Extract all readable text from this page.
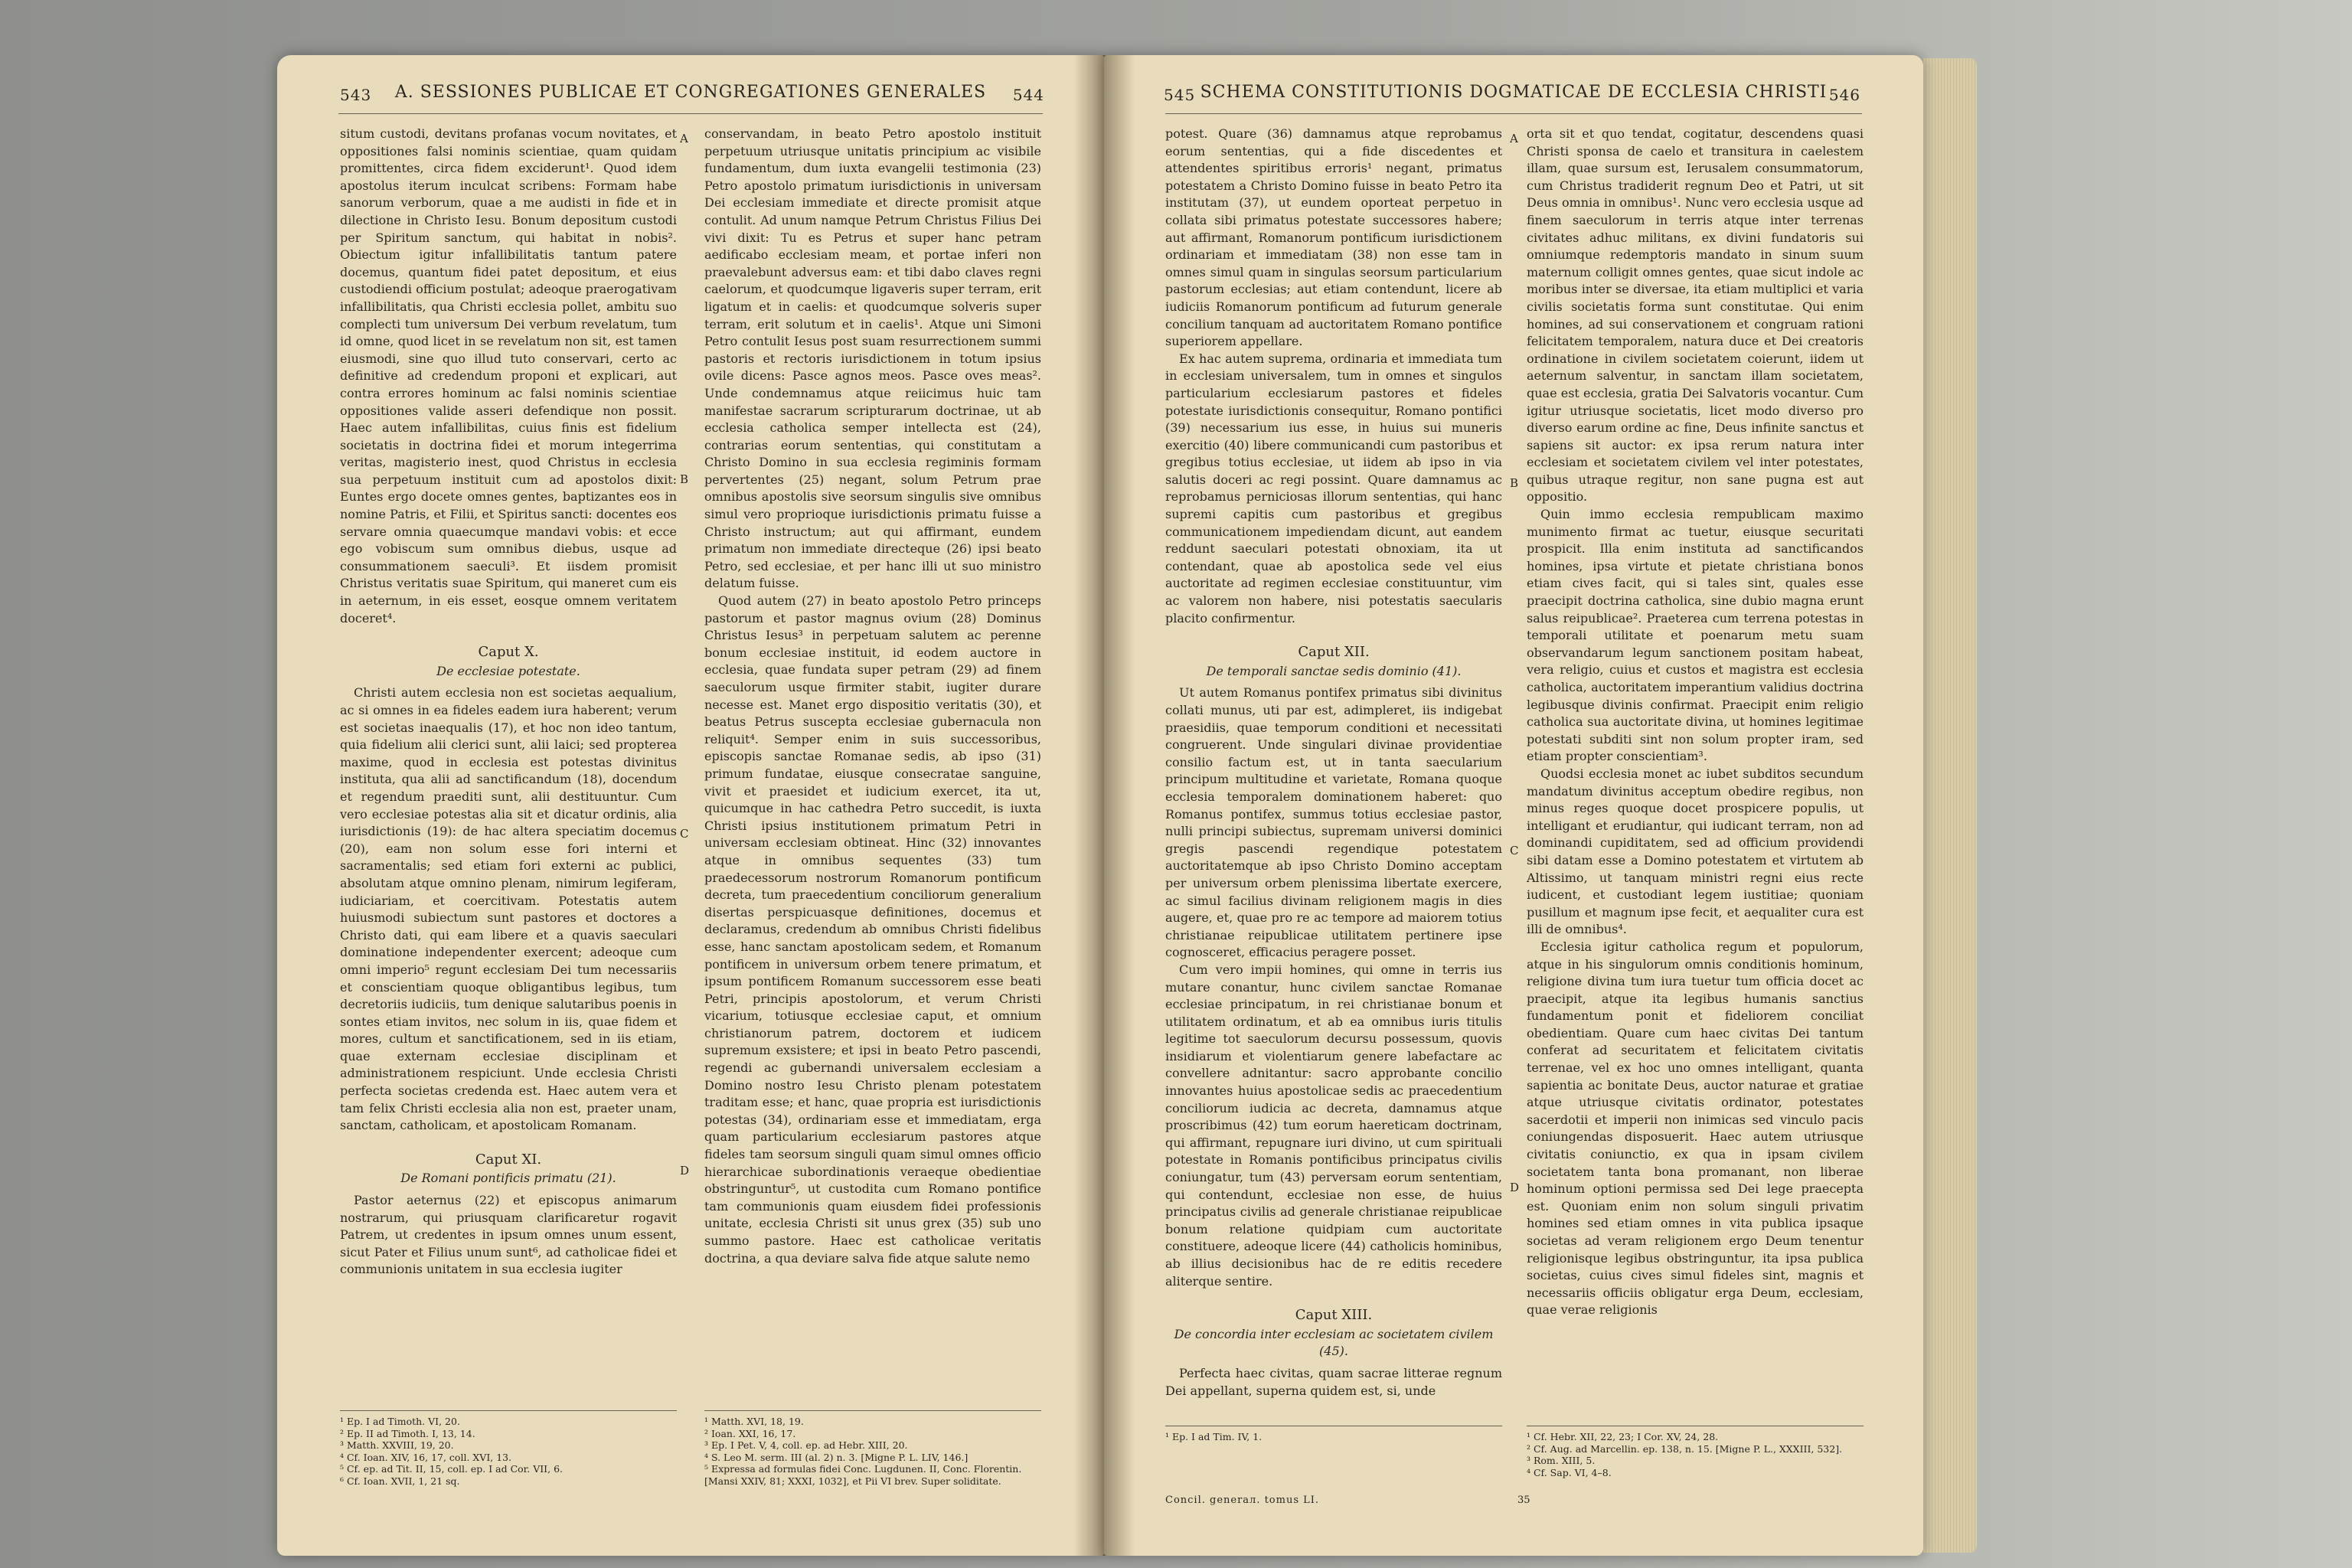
543	A. SESSIONES PUBLICAE ET CONGREGATIONES GENERALES	544

situm custodi, devitans profanas vocum novitates, et oppositiones falsi nominis scientiae, quam quidam promittentes, circa fidem exciderunt¹. Quod idem apostolus iterum inculcat scribens: Formam habe sanorum verborum, quae a me audisti in fide et in dilectione in Christo Iesu. Bonum depositum custodi per Spiritum sanctum, qui habitat in nobis². Obiectum igitur infallibilitatis tantum patere docemus, quantum fidei patet depositum, et eius custodiendi officium postulat; adeoque praerogativam infallibilitatis, qua Christi ecclesia pollet, ambitu suo complecti tum universum Dei verbum revelatum, tum id omne, quod licet in se revelatum non sit, est tamen eiusmodi, sine quo illud tuto conservari, certo ac definitive ad credendum proponi et explicari, aut contra errores hominum ac falsi nominis scientiae oppositiones valide asseri defendique non possit. Haec autem infallibilitas, cuius finis est fidelium societatis in doctrina fidei et morum integerrima veritas, magisterio inest, quod Christus in ecclesia sua perpetuum instituit cum ad apostolos dixit: Euntes ergo docete omnes gentes, baptizantes eos in nomine Patris, et Filii, et Spiritus sancti: docentes eos servare omnia quaecumque mandavi vobis: et ecce ego vobiscum sum omnibus diebus, usque ad consummationem saeculi³. Et iisdem promisit Christus veritatis suae Spiritum, qui maneret cum eis in aeternum, in eis esset, eosque omnem veritatem doceret⁴.

Caput X.
De ecclesiae potestate.

Christi autem ecclesia non est societas aequalium, ac si omnes in ea fideles eadem iura haberent; verum est societas inaequalis (17), et hoc non ideo tantum, quia fidelium alii clerici sunt, alii laici; sed propterea maxime, quod in ecclesia est potestas divinitus instituta, qua alii ad sanctificandum (18), docendum et regendum praediti sunt, alii destituuntur. Cum vero ecclesiae potestas alia sit et dicatur ordinis, alia iurisdictionis (19): de hac altera speciatim docemus (20), eam non solum esse fori interni et sacramentalis; sed etiam fori externi ac publici, absolutam atque omnino plenam, nimirum legiferam, iudiciariam, et coercitivam. Potestatis autem huiusmodi subiectum sunt pastores et doctores a Christo dati, qui eam libere et a quavis saeculari dominatione independenter exercent; adeoque cum omni imperio⁵ regunt ecclesiam Dei tum necessariis et conscientiam quoque obligantibus legibus, tum decretoriis iudiciis, tum denique salutaribus poenis in sontes etiam invitos, nec solum in iis, quae fidem et mores, cultum et sanctificationem, sed in iis etiam, quae externam ecclesiae disciplinam et administrationem respiciunt. Unde ecclesia Christi perfecta societas credenda est. Haec autem vera et tam felix Christi ecclesia alia non est, praeter unam, sanctam, catholicam, et apostolicam Romanam.

Caput XI.
De Romani pontificis primatu (21).

Pastor aeternus (22) et episcopus animarum nostrarum, qui priusquam clarificaretur rogavit Patrem, ut credentes in ipsum omnes unum essent, sicut Pater et Filius unum sunt⁶, ad catholicae fidei et communionis unitatem in sua ecclesia iugiter

conservandam, in beato Petro apostolo instituit perpetuum utriusque unitatis principium ac visibile fundamentum, dum iuxta evangelii testimonia (23) Petro apostolo primatum iurisdictionis in universam Dei ecclesiam immediate et directe promisit atque contulit. Ad unum namque Petrum Christus Filius Dei vivi dixit: Tu es Petrus et super hanc petram aedificabo ecclesiam meam, et portae inferi non praevalebunt adversus eam: et tibi dabo claves regni caelorum, et quodcumque ligaveris super terram, erit ligatum et in caelis: et quodcumque solveris super terram, erit solutum et in caelis¹. Atque uni Simoni Petro contulit Iesus post suam resurrectionem summi pastoris et rectoris iurisdictionem in totum ipsius ovile dicens: Pasce agnos meos. Pasce oves meas². Unde condemnamus atque reiicimus huic tam manifestae sacrarum scripturarum doctrinae, ut ab ecclesia catholica semper intellecta est (24), contrarias eorum sententias, qui constitutam a Christo Domino in sua ecclesia regiminis formam pervertentes (25) negant, solum Petrum prae omnibus apostolis sive seorsum singulis sive omnibus simul vero proprioque iurisdictionis primatu fuisse a Christo instructum; aut qui affirmant, eundem primatum non immediate directeque (26) ipsi beato Petro, sed ecclesiae, et per hanc illi ut suo ministro delatum fuisse.

Quod autem (27) in beato apostolo Petro princeps pastorum et pastor magnus ovium (28) Dominus Christus Iesus³ in perpetuam salutem ac perenne bonum ecclesiae instituit, id eodem auctore in ecclesia, quae fundata super petram (29) ad finem saeculorum usque firmiter stabit, iugiter durare necesse est. Manet ergo dispositio veritatis (30), et beatus Petrus suscepta ecclesiae gubernacula non reliquit⁴. Semper enim in suis successoribus, episcopis sanctae Romanae sedis, ab ipso (31) primum fundatae, eiusque consecratae sanguine, vivit et praesidet et iudicium exercet, ita ut, quicumque in hac cathedra Petro succedit, is iuxta Christi ipsius institutionem primatum Petri in universam ecclesiam obtineat. Hinc (32) innovantes atque in omnibus sequentes (33) tum praedecessorum nostrorum Romanorum pontificum decreta, tum praecedentium conciliorum generalium disertas perspicuasque definitiones, docemus et declaramus, credendum ab omnibus Christi fidelibus esse, hanc sanctam apostolicam sedem, et Romanum pontificem in universum orbem tenere primatum, et ipsum pontificem Romanum successorem esse beati Petri, principis apostolorum, et verum Christi vicarium, totiusque ecclesiae caput, et omnium christianorum patrem, doctorem et iudicem supremum exsistere; et ipsi in beato Petro pascendi, regendi ac gubernandi universalem ecclesiam a Domino nostro Iesu Christo plenam potestatem traditam esse; et hanc, quae propria est iurisdictionis potestas (34), ordinariam esse et immediatam, erga quam particularium ecclesiarum pastores atque fideles tam seorsum singuli quam simul omnes officio hierarchicae subordinationis veraeque obedientiae obstringuntur⁵, ut custodita cum Romano pontifice tam communionis quam eiusdem fidei professionis unitate, ecclesia Christi sit unus grex (35) sub uno summo pastore. Haec est catholicae veritatis doctrina, a qua deviare salva fide atque salute nemo

A
B
C
D
¹ Ep. I ad Timoth. VI, 20.
² Ep. II ad Timoth. I, 13, 14.
³ Matth. XXVIII, 19, 20.
⁴ Cf. Ioan. XIV, 16, 17, coll. XVI, 13.
⁵ Cf. ep. ad Tit. II, 15, coll. ep. I ad Cor. VII, 6.
⁶ Cf. Ioan. XVII, 1, 21 sq.
¹ Matth. XVI, 18, 19.
² Ioan. XXI, 16, 17.
³ Ep. I Pet. V, 4, coll. ep. ad Hebr. XIII, 20.
⁴ S. Leo M. serm. III (al. 2) n. 3. [Migne P. L. LIV, 146.]
⁵ Expressa ad formulas fidei Conc. Lugdunen. II, Conc. Florentin. [Mansi XXIV, 81; XXXI, 1032], et Pii VI brev. Super soliditate.
545 SCHEMA CONSTITUTIONIS DOGMATICAE DE ECCLESIA CHRISTI 546

potest. Quare (36) damnamus atque reprobamus eorum sententias, qui a fide discedentes et attendentes spiritibus erroris¹ negant, primatus potestatem a Christo Domino fuisse in beato Petro ita institutam (37), ut eundem oporteat perpetuo in collata sibi primatus potestate successores habere; aut affirmant, Romanorum pontificum iurisdictionem ordinariam et immediatam (38) non esse tam in omnes simul quam in singulas seorsum particularium pastorum ecclesias; aut etiam contendunt, licere ab iudiciis Romanorum pontificum ad futurum generale concilium tanquam ad auctoritatem Romano pontifice superiorem appellare.

Ex hac autem suprema, ordinaria et immediata tum in ecclesiam universalem, tum in omnes et singulos particularium ecclesiarum pastores et fideles potestate iurisdictionis consequitur, Romano pontifici (39) necessarium ius esse, in huius sui muneris exercitio (40) libere communicandi cum pastoribus et gregibus totius ecclesiae, ut iidem ab ipso in via salutis doceri ac regi possint. Quare damnamus ac reprobamus perniciosas illorum sententias, qui hanc supremi capitis cum pastoribus et gregibus communicationem impediendam dicunt, aut eandem reddunt saeculari potestati obnoxiam, ita ut contendant, quae ab apostolica sede vel eius auctoritate ad regimen ecclesiae constituuntur, vim ac valorem non habere, nisi potestatis saecularis placito confirmentur.

Caput XII.
De temporali sanctae sedis dominio (41).

Ut autem Romanus pontifex primatus sibi divinitus collati munus, uti par est, adimpleret, iis indigebat praesidiis, quae temporum conditioni et necessitati congruerent. Unde singulari divinae providentiae consilio factum est, ut in tanta saecularium principum multitudine et varietate, Romana quoque ecclesia temporalem dominationem haberet: quo Romanus pontifex, summus totius ecclesiae pastor, nulli principi subiectus, supremam universi dominici gregis pascendi regendique potestatem auctoritatemque ab ipso Christo Domino acceptam per universum orbem plenissima libertate exercere, ac simul facilius divinam religionem magis in dies augere, et, quae pro re ac tempore ad maiorem totius christianae reipublicae utilitatem pertinere ipse cognosceret, efficacius peragere posset.

Cum vero impii homines, qui omne in terris ius mutare conantur, hunc civilem sanctae Romanae ecclesiae principatum, in rei christianae bonum et utilitatem ordinatum, et ab ea omnibus iuris titulis legitime tot saeculorum decursu possessum, quovis insidiarum et violentiarum genere labefactare ac convellere adnitantur: sacro approbante concilio innovantes huius apostolicae sedis ac praecedentium conciliorum iudicia ac decreta, damnamus atque proscribimus (42) tum eorum haereticam doctrinam, qui affirmant, repugnare iuri divino, ut cum spirituali potestate in Romanis pontificibus principatus civilis coniungatur, tum (43) perversam eorum sententiam, qui contendunt, ecclesiae non esse, de huius principatus civilis ad generale christianae reipublicae bonum relatione quidpiam cum auctoritate constituere, adeoque licere (44) catholicis hominibus, ab illius decisionibus hac de re editis recedere aliterque sentire.

Caput XIII.
De concordia inter ecclesiam ac societatem civilem (45).

Perfecta haec civitas, quam sacrae litterae regnum Dei appellant, superna quidem est, si, unde

orta sit et quo tendat, cogitatur, descendens quasi Christi sponsa de caelo et transitura in caelestem illam, quae sursum est, Ierusalem consummatorum, cum Christus tradiderit regnum Deo et Patri, ut sit Deus omnia in omnibus¹. Nunc vero ecclesia usque ad finem saeculorum in terris atque inter terrenas civitates adhuc militans, ex divini fundatoris sui omniumque redemptoris mandato in sinum suum maternum colligit omnes gentes, quae sicut indole ac moribus inter se diversae, ita etiam multiplici et varia civilis societatis forma sunt constitutae. Qui enim homines, ad sui conservationem et congruam rationi felicitatem temporalem, natura duce et Dei creatoris ordinatione in civilem societatem coierunt, iidem ut aeternum salventur, in sanctam illam societatem, quae est ecclesia, gratia Dei Salvatoris vocantur. Cum igitur utriusque societatis, licet modo diverso pro diverso earum ordine ac fine, Deus infinite sanctus et sapiens sit auctor: ex ipsa rerum natura inter ecclesiam et societatem civilem vel inter potestates, quibus utraque regitur, non sane pugna est aut oppositio.

Quin immo ecclesia rempublicam maximo munimento firmat ac tuetur, eiusque securitati prospicit. Illa enim instituta ad sanctificandos homines, ipsa virtute et pietate christiana bonos etiam cives facit, qui si tales sint, quales esse praecipit doctrina catholica, sine dubio magna erunt salus reipublicae². Praeterea cum terrena potestas in temporali utilitate et poenarum metu suam observandarum legum sanctionem positam habeat, vera religio, cuius et custos et magistra est ecclesia catholica, auctoritatem imperantium validius doctrina legibusque divinis confirmat. Praecipit enim religio catholica sua auctoritate divina, ut homines legitimae potestati subditi sint non solum propter iram, sed etiam propter conscientiam³.

Quodsi ecclesia monet ac iubet subditos secundum mandatum divinitus acceptum obedire regibus, non minus reges quoque docet prospicere populis, ut intelligant et erudiantur, qui iudicant terram, non ad dominandi cupiditatem, sed ad officium providendi sibi datam esse a Domino potestatem et virtutem ab Altissimo, ut tanquam ministri regni eius recte iudicent, et custodiant legem iustitiae; quoniam pusillum et magnum ipse fecit, et aequaliter cura est illi de omnibus⁴.

Ecclesia igitur catholica regum et populorum, atque in his singulorum omnis conditionis hominum, religione divina tum iura tuetur tum officia docet ac praecipit, atque ita legibus humanis sanctius fundamentum ponit et fideliorem conciliat obedientiam. Quare cum haec civitas Dei tantum conferat ad securitatem et felicitatem civitatis terrenae, vel ex hoc uno omnes intelligant, quanta sapientia ac bonitate Deus, auctor naturae et gratiae atque utriusque civitatis ordinator, potestates sacerdotii et imperii non inimicas sed vinculo pacis coniungendas disposuerit. Haec autem utriusque civitatis coniunctio, ex qua in ipsam civilem societatem tanta bona promanant, non liberae hominum optioni permissa sed Dei lege praecepta est. Quoniam enim non solum singuli privatim homines sed etiam omnes in vita publica ipsaque societas ad veram religionem ergo Deum tenentur religionisque legibus obstringuntur, ita ipsa publica societas, cuius cives simul fideles sint, magnis et necessariis officiis obligatur erga Deum, ecclesiam, quae verae religionis

A
B
C
D
¹ Ep. I ad Tim. IV, 1.	¹ Cf. Hebr. XII, 22, 23; I Cor. XV, 24, 28.
² Cf. Aug. ad Marcellin. ep. 138, n. 15. [Migne P. L., XXXIII, 532].
³ Rom. XIII, 5.
⁴ Cf. Sap. VI, 4–8.
Concil. generaл. tomus LI.	35
